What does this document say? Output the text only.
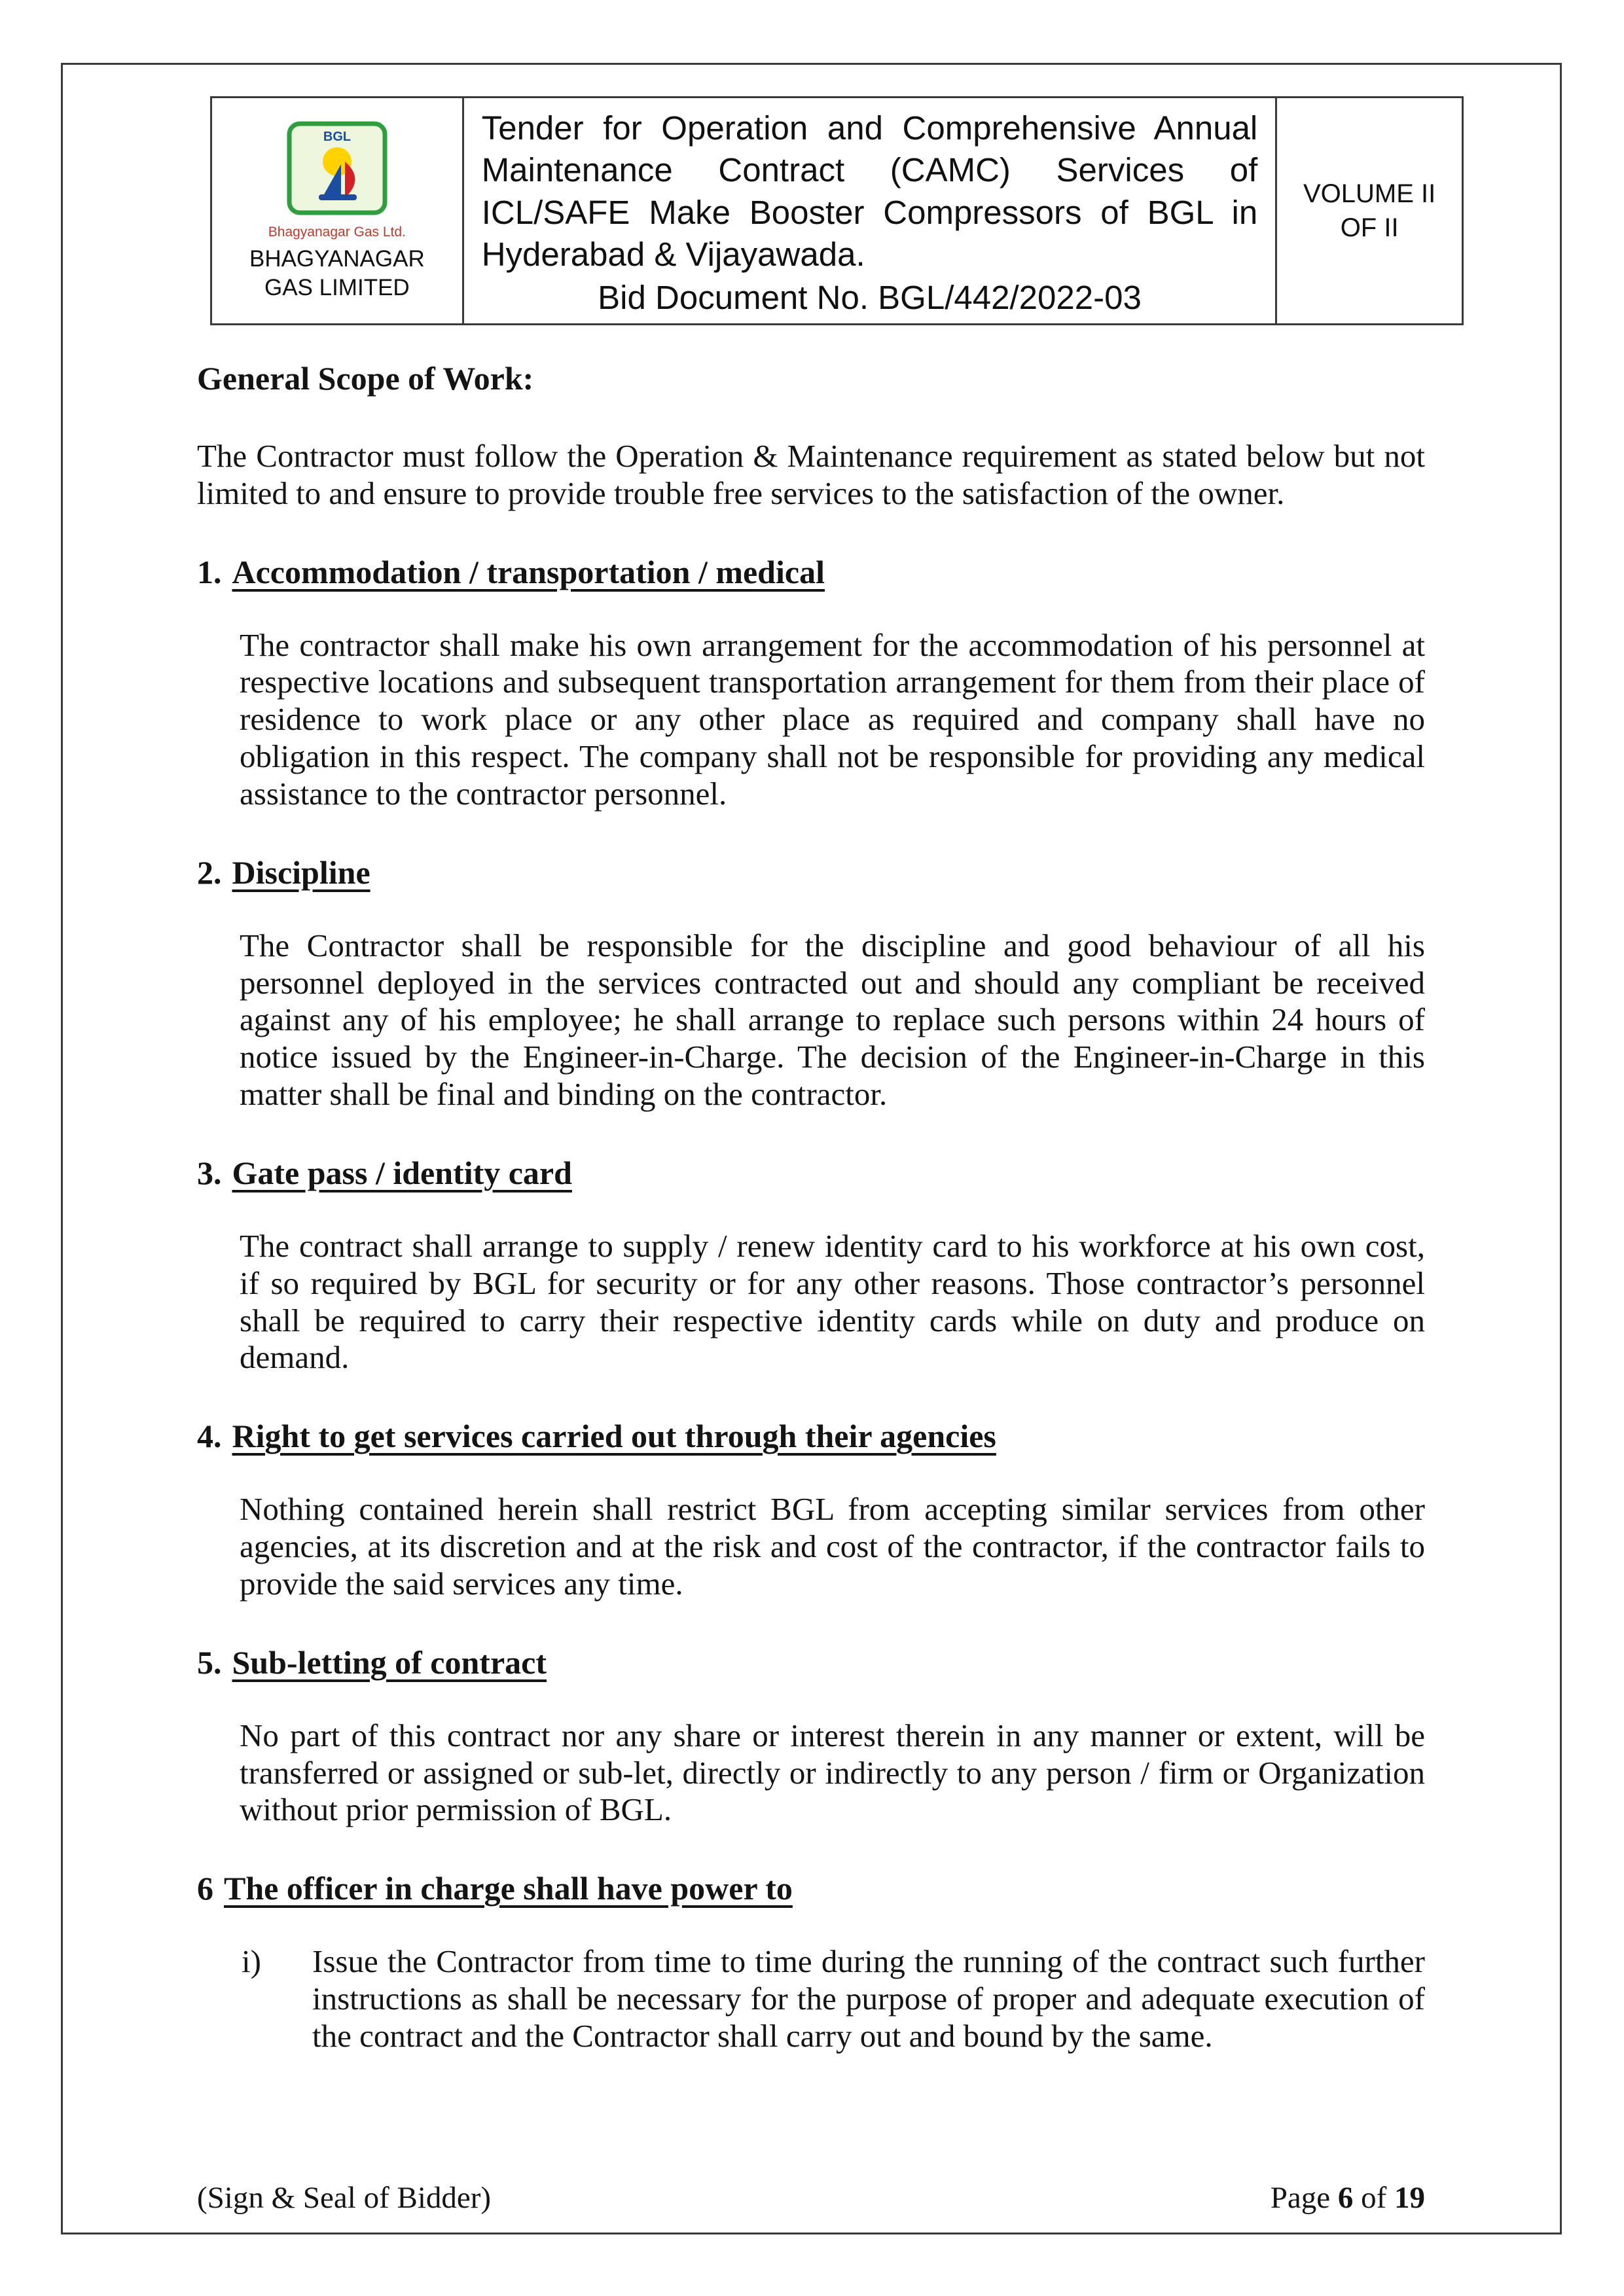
BGL
Bhagyanagar Gas Ltd.
BHAGYANAGAR GAS LIMITED

Tender for Operation and Comprehensive Annual Maintenance Contract (CAMC) Services of ICL/SAFE Make Booster Compressors of BGL in Hyderabad & Vijayawada.
Bid Document No. BGL/442/2022-03

VOLUME II
OF II
General Scope of Work:

The Contractor must follow the Operation & Maintenance requirement as stated below but not limited to and ensure to provide trouble free services to the satisfaction of the owner.

1. Accommodation / transportation / medical

The contractor shall make his own arrangement for the accommodation of his personnel at respective locations and subsequent transportation arrangement for them from their place of residence to work place or any other place as required and company shall have no obligation in this respect. The company shall not be responsible for providing any medical assistance to the contractor personnel.

2. Discipline

The Contractor shall be responsible for the discipline and good behaviour of all his personnel deployed in the services contracted out and should any compliant be received against any of his employee; he shall arrange to replace such persons within 24 hours of notice issued by the Engineer-in-Charge. The decision of the Engineer-in-Charge in this matter shall be final and binding on the contractor.

3. Gate pass / identity card

The contract shall arrange to supply / renew identity card to his workforce at his own cost, if so required by BGL for security or for any other reasons. Those contractor’s personnel shall be required to carry their respective identity cards while on duty and produce on demand.

4. Right to get services carried out through their agencies

Nothing contained herein shall restrict BGL from accepting similar services from other agencies, at its discretion and at the risk and cost of the contractor, if the contractor fails to provide the said services any time.

5. Sub-letting of contract

No part of this contract nor any share or interest therein in any manner or extent, will be transferred or assigned or sub-let, directly or indirectly to any person / firm or Organization without prior permission of BGL.

6 The officer in charge shall have power to
i)	Issue the Contractor from time to time during the running of the contract such further instructions as shall be necessary for the purpose of proper and adequate execution of the contract and the Contractor shall carry out and bound by the same.

(Sign & Seal of Bidder)	Page 6 of 19
